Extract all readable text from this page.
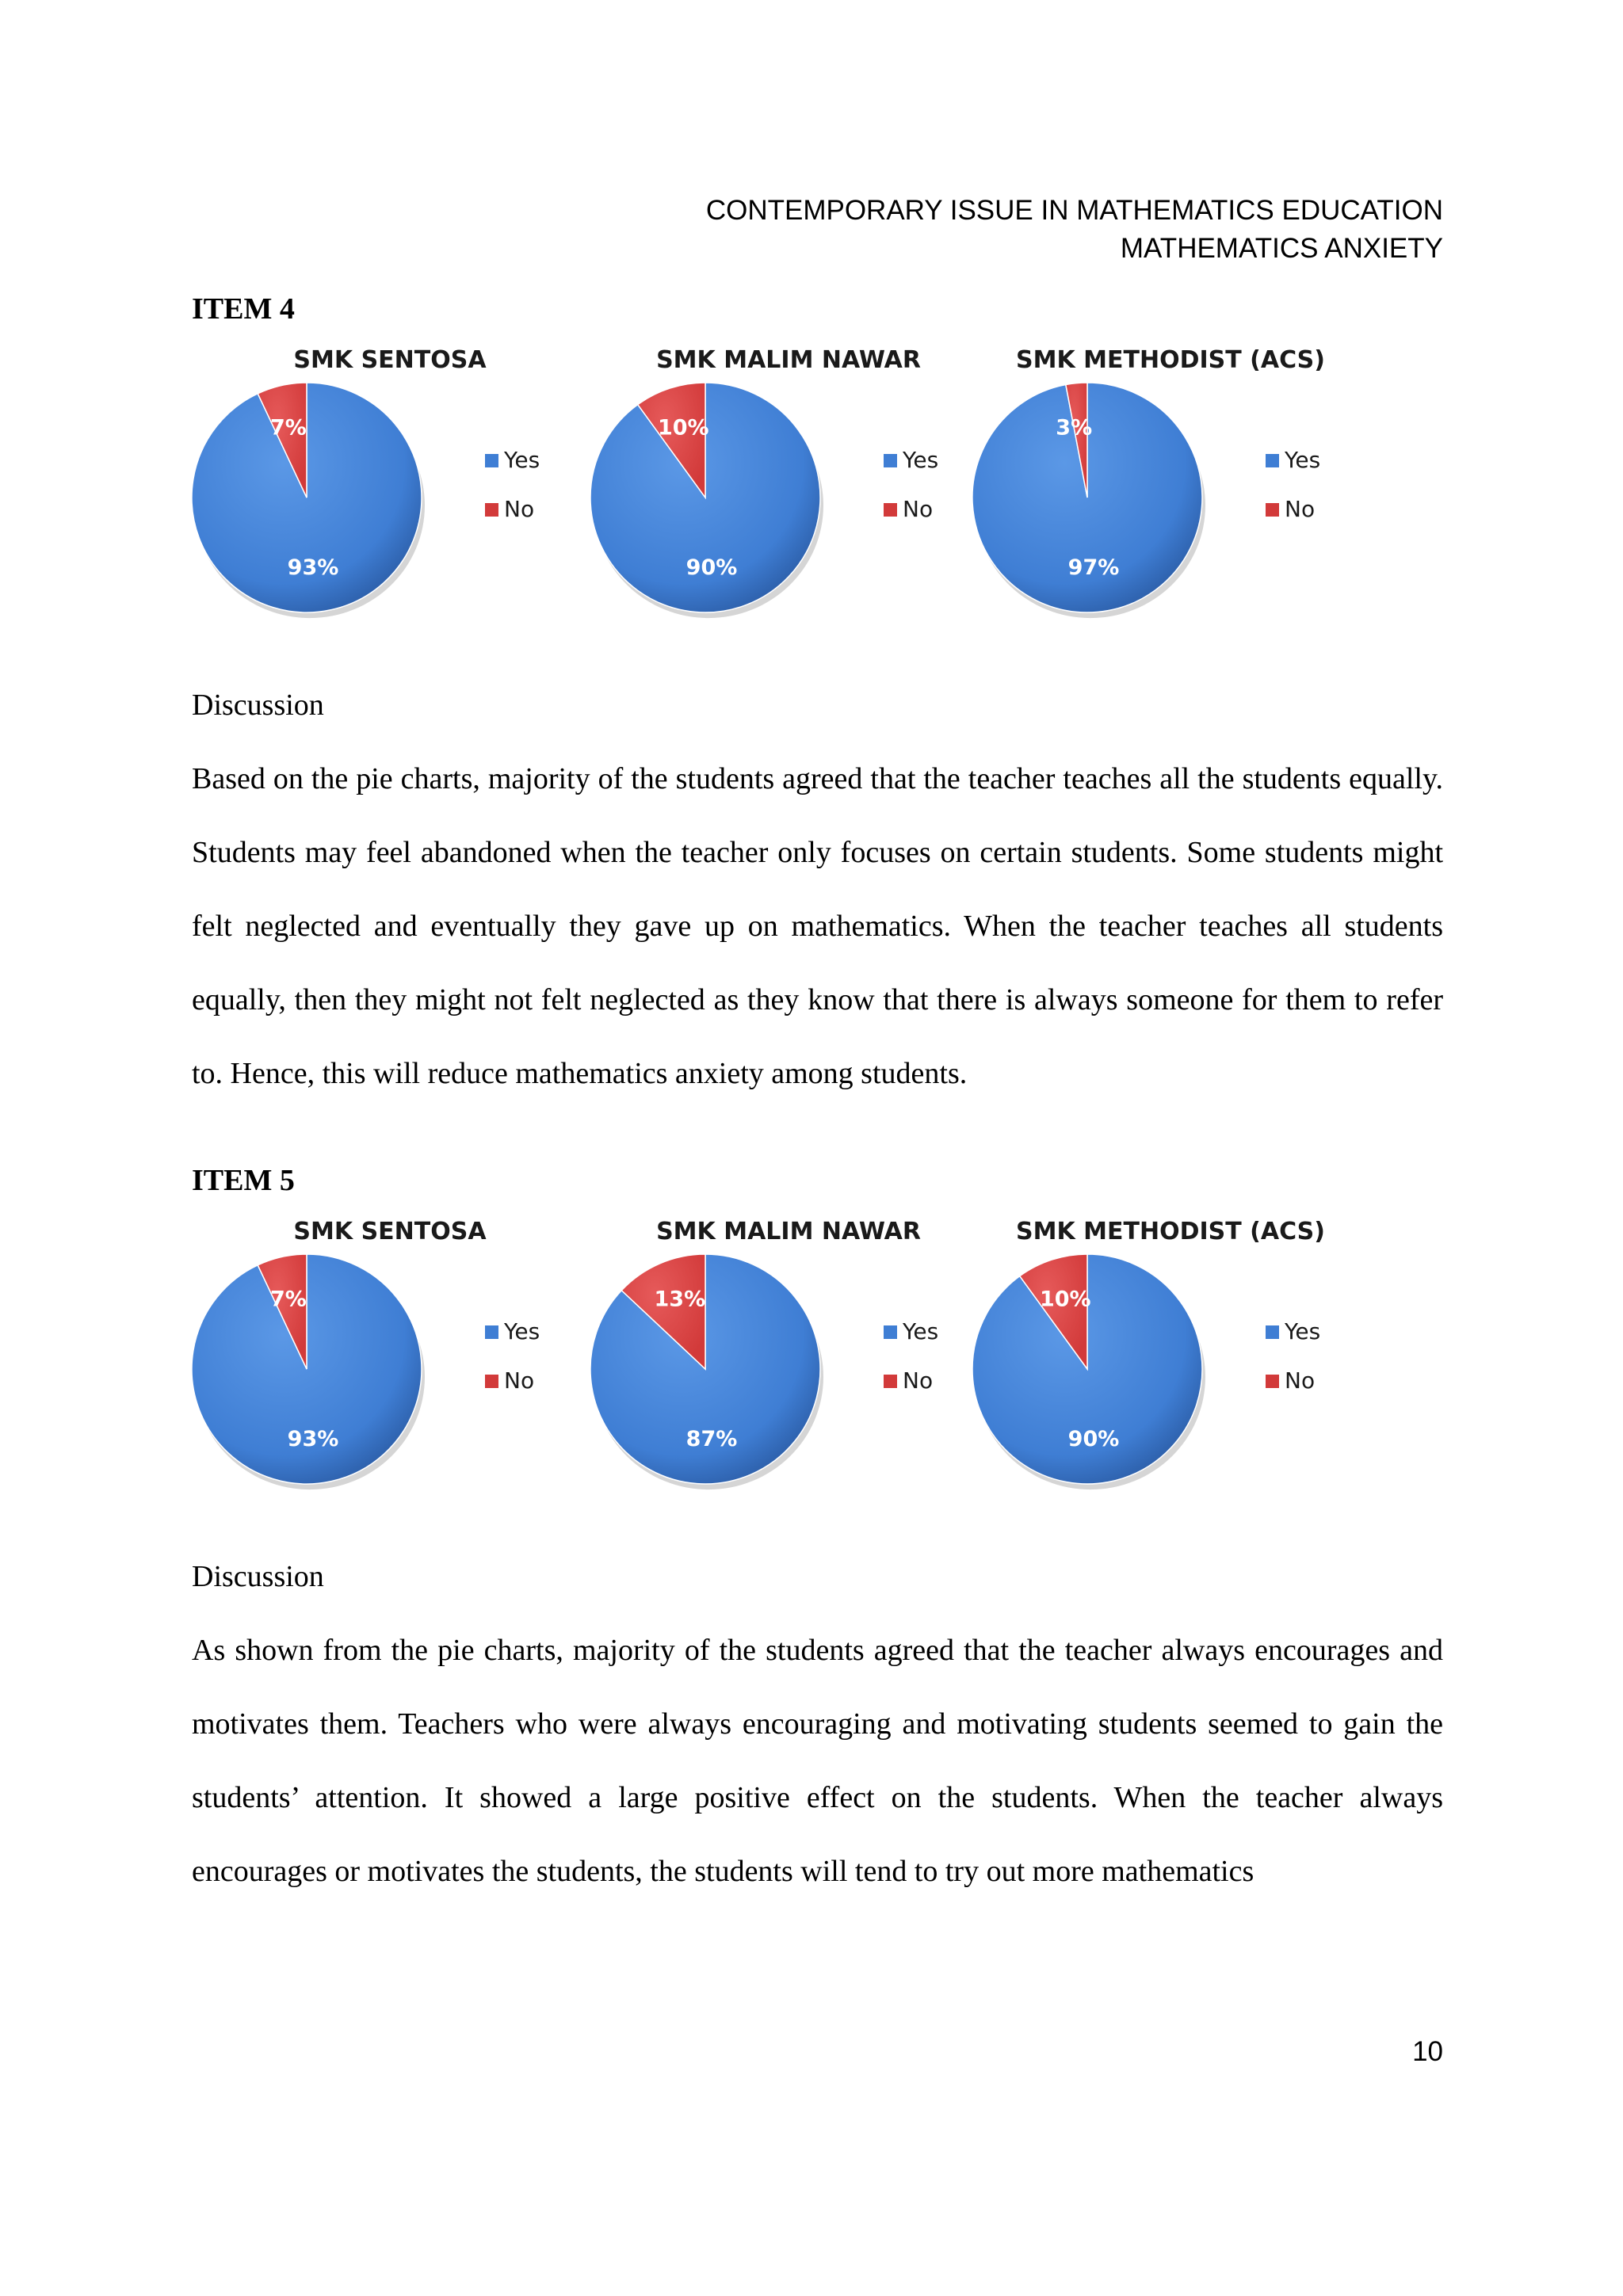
CONTEMPORARY ISSUE IN MATHEMATICS EDUCATION
MATHEMATICS ANXIETY
ITEM 4
SMK SENTOSA
7%
93%
Yes
No
SMK MALIM NAWAR
10%
90%
Yes
No
SMK METHODIST (ACS)
3%
97%
Yes
No
Discussion
Based on the pie charts, majority of the students agreed that the teacher teaches all the students equally. Students may feel abandoned when the teacher only focuses on certain students. Some students might felt neglected and eventually they gave up on mathematics. When the teacher teaches all students equally, then they might not felt neglected as they know that there is always someone for them to refer to. Hence, this will reduce mathematics anxiety among students.
ITEM 5
SMK SENTOSA
7%
93%
Yes
No
SMK MALIM NAWAR
13%
87%
Yes
No
SMK METHODIST (ACS)
10%
90%
Yes
No
Discussion
As shown from the pie charts, majority of the students agreed that the teacher always encourages and motivates them. Teachers who were always encouraging and motivating students seemed to gain the students’ attention. It showed a large positive effect on the students. When the teacher always encourages or motivates the students, the students will tend to try out more mathematics
10
